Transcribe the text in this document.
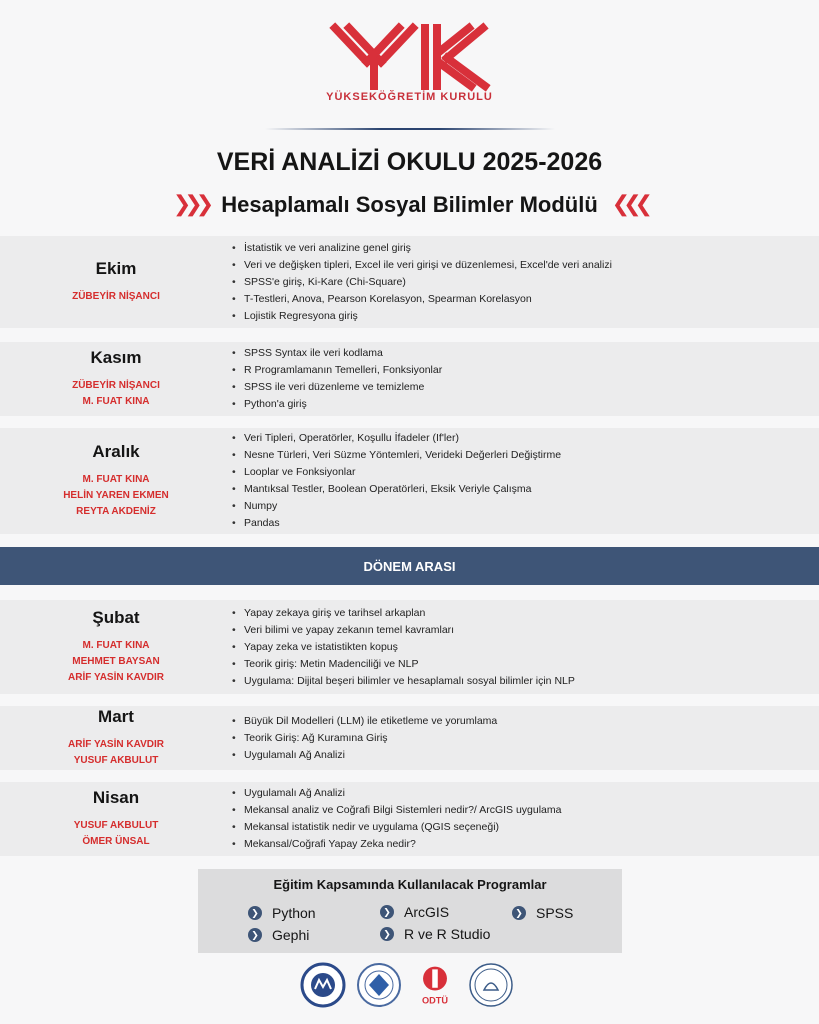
YÜKSEKÖĞRETİM KURULU
VERİ ANALİZİ OKULU 2025-2026
❯❯❯ Hesaplamalı Sosyal Bilimler Modülü ❮❮❮
Ekim
ZÜBEYİR NİŞANCI
• İstatistik ve veri analizine genel giriş
• Veri ve değişken tipleri, Excel ile veri girişi ve düzenlemesi, Excel'de veri analizi
• SPSS'e giriş, Ki-Kare (Chi-Square)
• T-Testleri, Anova, Pearson Korelasyon, Spearman Korelasyon
• Lojistik Regresyona giriş
Kasım
ZÜBEYİR NİŞANCI
M. FUAT KINA
• SPSS Syntax ile veri kodlama
• R Programlamanın Temelleri, Fonksiyonlar
• SPSS ile veri düzenleme ve temizleme
• Python'a giriş
Aralık
M. FUAT KINA
HELİN YAREN EKMEN
REYTA AKDENİZ
• Veri Tipleri, Operatörler, Koşullu İfadeler (If'ler)
• Nesne Türleri, Veri Süzme Yöntemleri, Verideki Değerleri Değiştirme
• Looplar ve Fonksiyonlar
• Mantıksal Testler, Boolean Operatörleri, Eksik Veriyle Çalışma
• Numpy
• Pandas
DÖNEM ARASI
Şubat
M. FUAT KINA
MEHMET BAYSAN
ARİF YASİN KAVDIR
• Yapay zekaya giriş ve tarihsel arkaplan
• Veri bilimi ve yapay zekanın temel kavramları
• Yapay zeka ve istatistikten kopuş
• Teorik giriş: Metin Madenciliği ve NLP
• Uygulama: Dijital beşeri bilimler ve hesaplamalı sosyal bilimler için NLP
Mart
ARİF YASİN KAVDIR
YUSUF AKBULUT
• Büyük Dil Modelleri (LLM) ile etiketleme ve yorumlama
• Teorik Giriş: Ağ Kuramına Giriş
• Uygulamalı Ağ Analizi
Nisan
YUSUF AKBULUT
ÖMER ÜNSAL
• Uygulamalı Ağ Analizi
• Mekansal analiz ve Coğrafi Bilgi Sistemleri nedir?/ ArcGIS uygulama
• Mekansal istatistik nedir ve uygulama (QGIS seçeneği)
• Mekansal/Coğrafi Yapay Zeka nedir?
Eğitim Kapsamında Kullanılacak Programlar
❯ Python
❯ Gephi
❯ ArcGIS
❯ R ve R Studio
❯ SPSS
ODTÜ
